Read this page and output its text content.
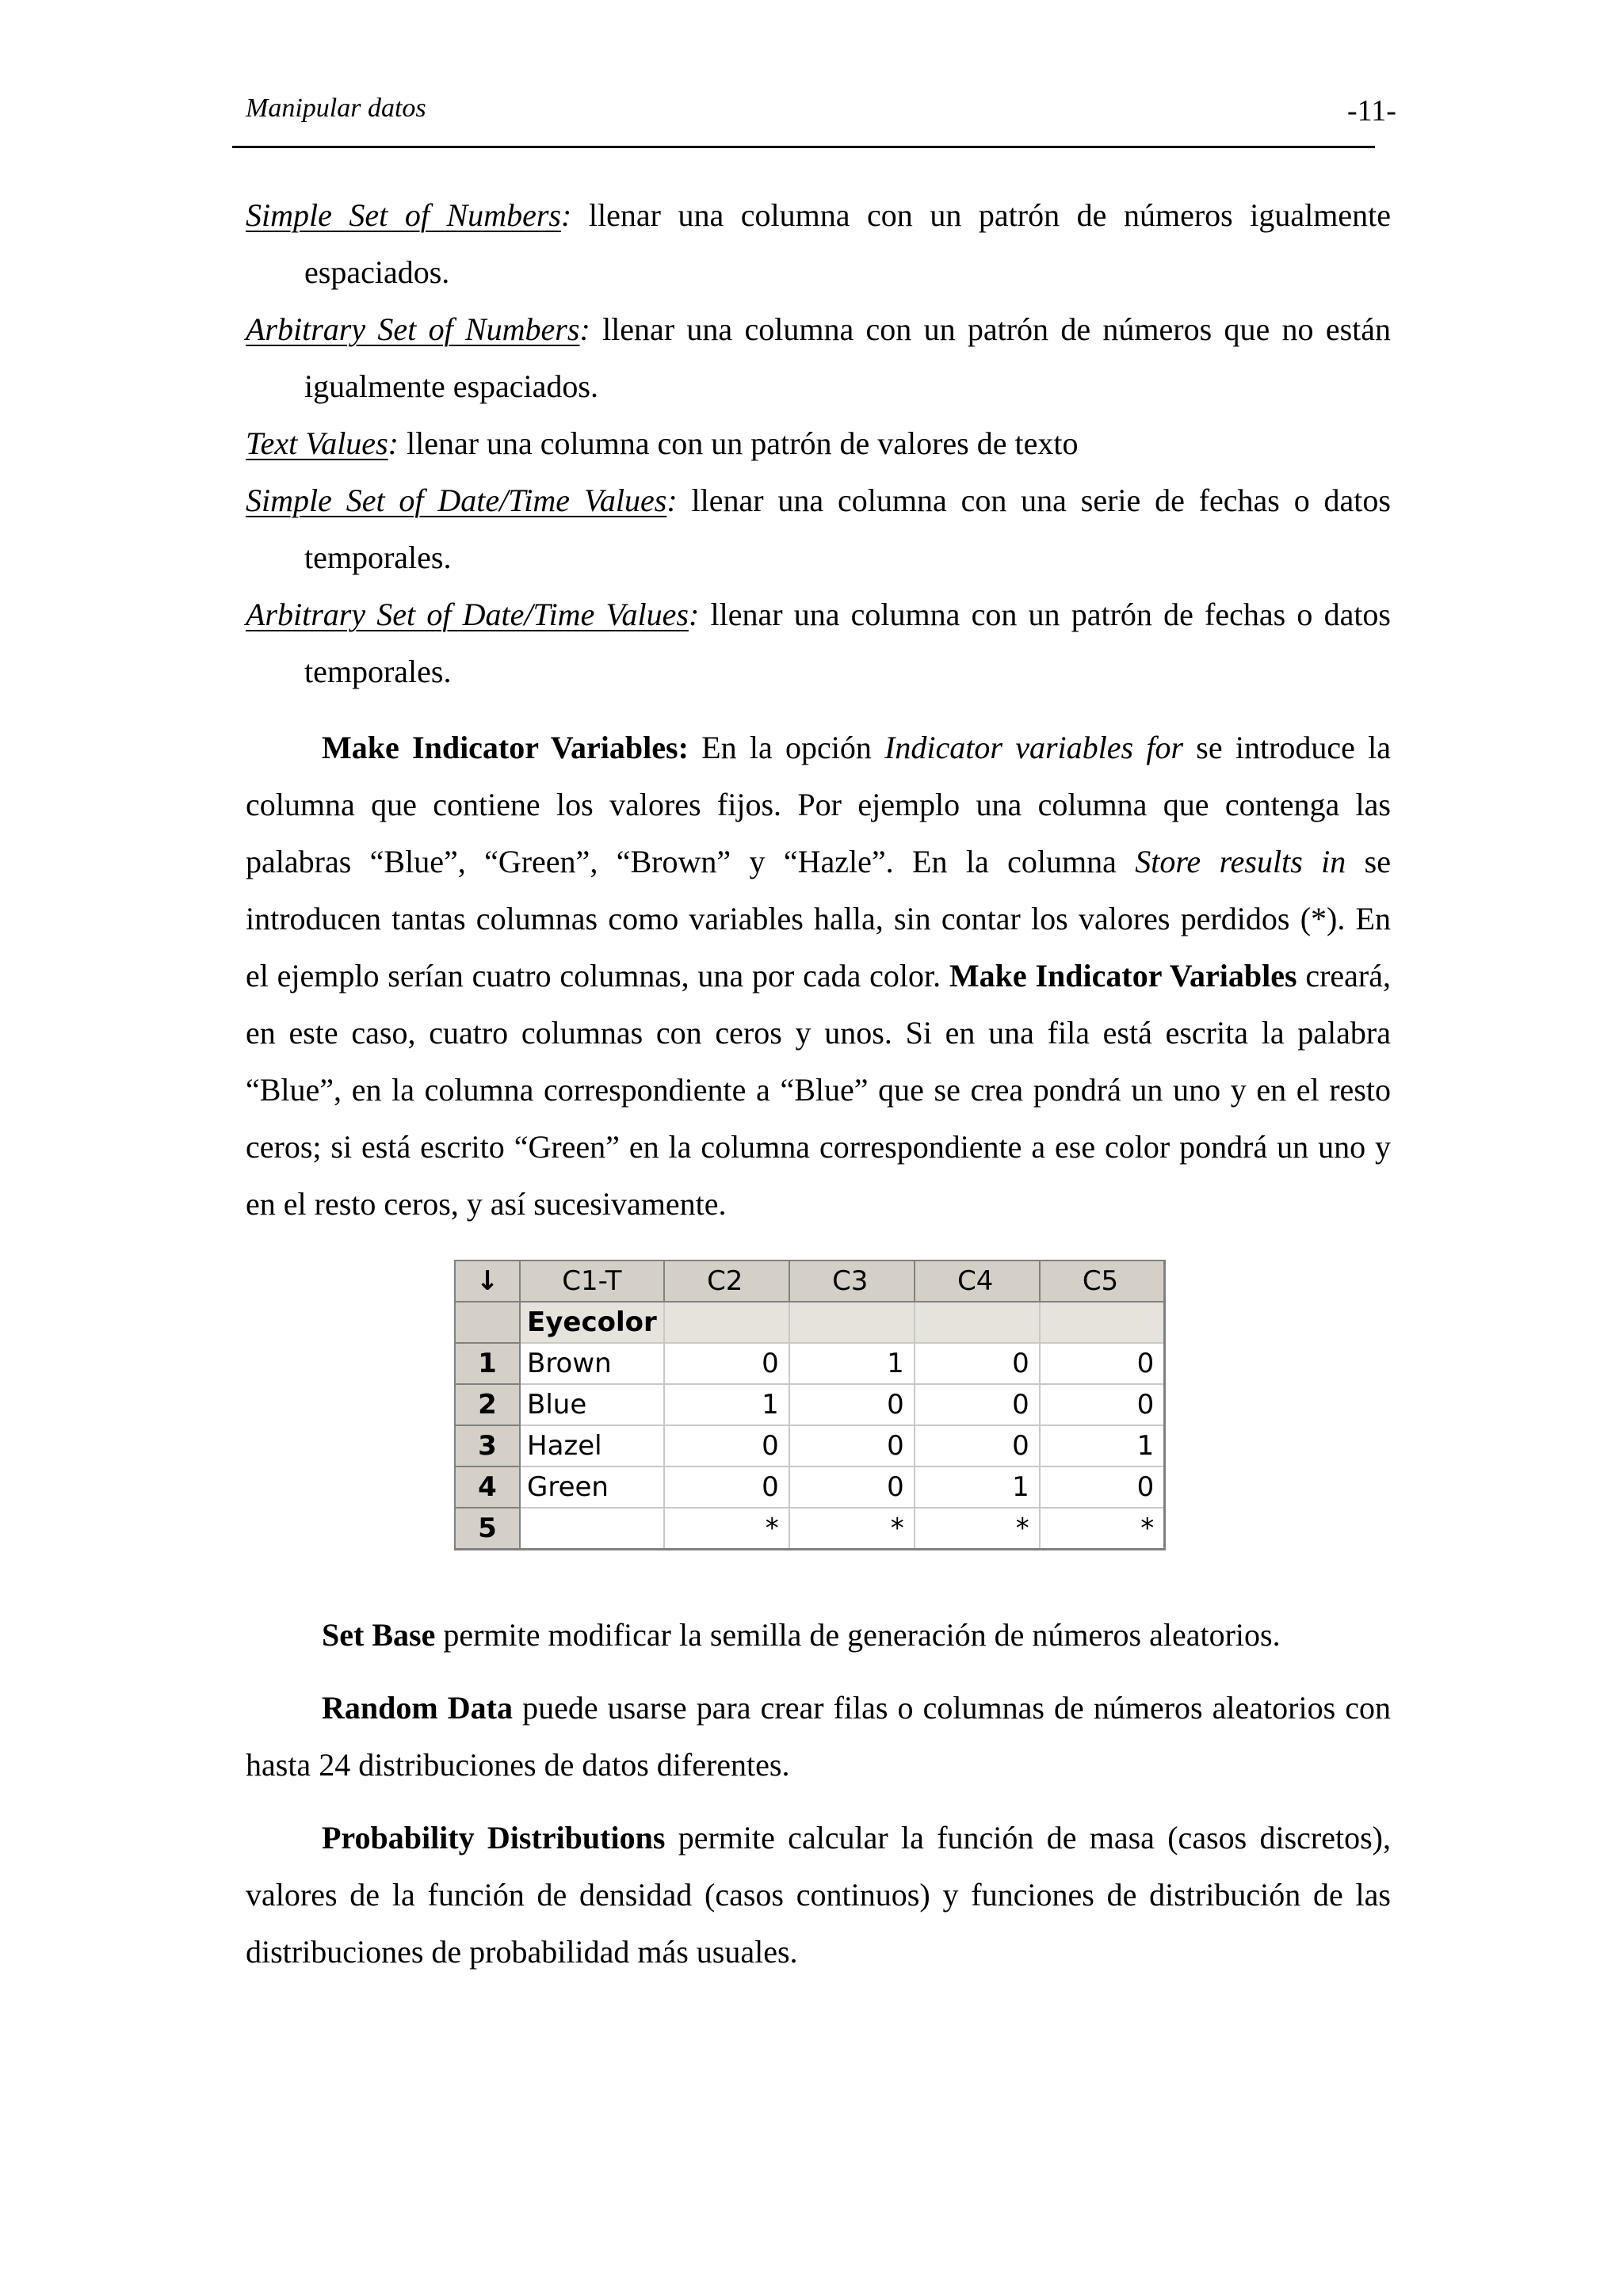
Manipular datos	-11-

Simple Set of Numbers: llenar una columna con un patrón de números igualmente espaciados.

Arbitrary Set of Numbers: llenar una columna con un patrón de números que no están igualmente espaciados.

Text Values: llenar una columna con un patrón de valores de texto

Simple Set of Date/Time Values: llenar una columna con una serie de fechas o datos temporales.

Arbitrary Set of Date/Time Values: llenar una columna con un patrón de fechas o datos temporales.

Make Indicator Variables: En la opción Indicator variables for se introduce la columna que contiene los valores fijos. Por ejemplo una columna que contenga las palabras “Blue”, “Green”, “Brown” y “Hazle”. En la columna Store results in se introducen tantas columnas como variables halla, sin contar los valores perdidos (*). En el ejemplo serían cuatro columnas, una por cada color. Make Indicator Variables creará, en este caso, cuatro columnas con ceros y unos. Si en una fila está escrita la palabra “Blue”, en la columna correspondiente a “Blue” que se crea pondrá un uno y en el resto ceros; si está escrito “Green” en la columna correspondiente a ese color pondrá un uno y en el resto ceros, y así sucesivamente.

↓	C1-T	C2	C3	C4	C5
	Eyecolor				
1	Brown	0	1	0	0
2	Blue	1	0	0	0
3	Hazel	0	0	0	1
4	Green	0	0	1	0
5		*	*	*	*

Set Base permite modificar la semilla de generación de números aleatorios.

Random Data puede usarse para crear filas o columnas de números aleatorios con hasta 24 distribuciones de datos diferentes.

Probability Distributions permite calcular la función de masa (casos discretos), valores de la función de densidad (casos continuos) y funciones de distribución de las distribuciones de probabilidad más usuales.
